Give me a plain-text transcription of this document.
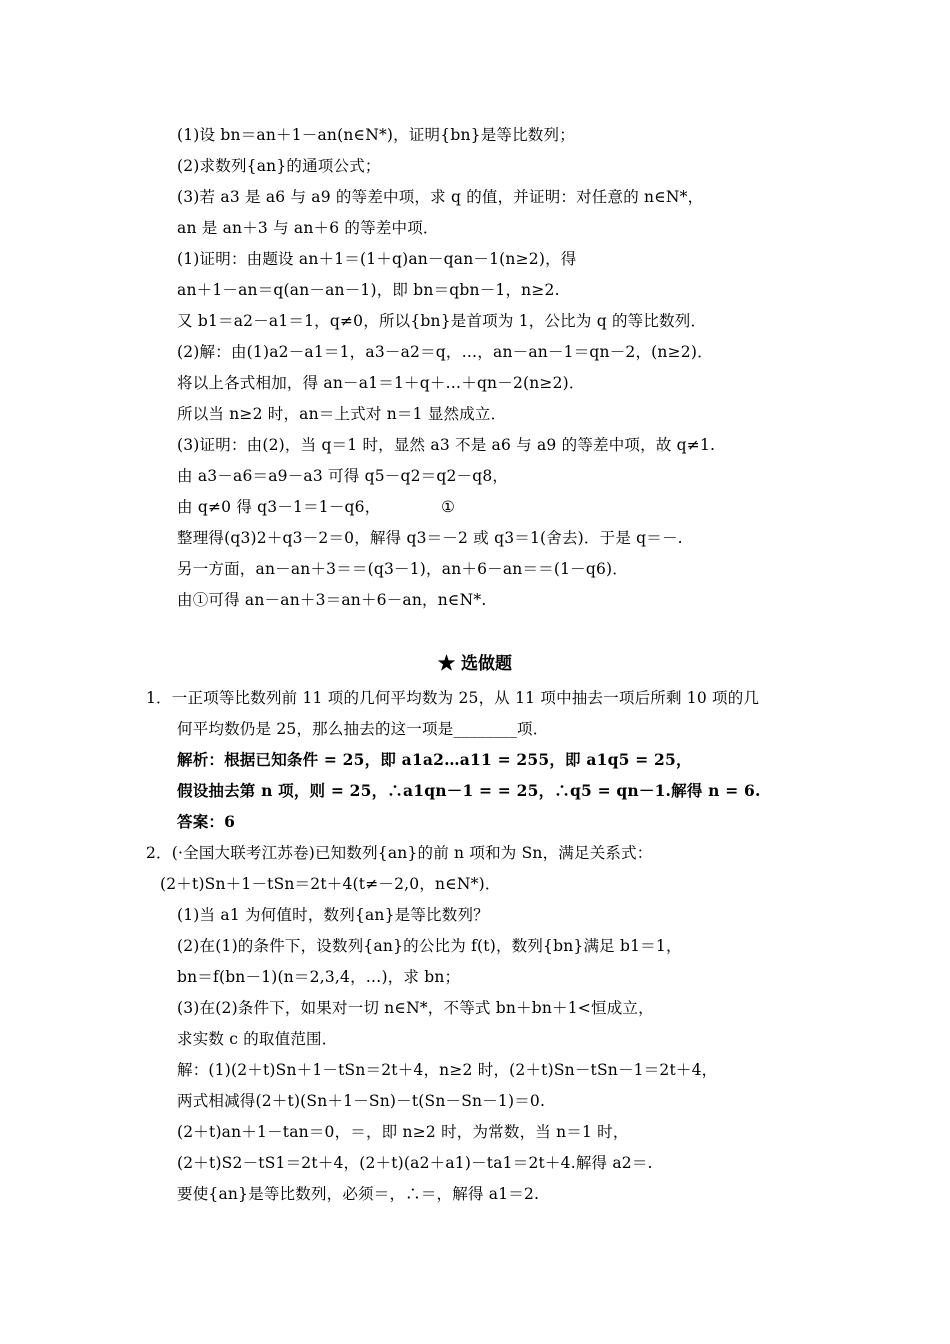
(1)设 bn＝an＋1－an(n∈N*)，证明{bn}是等比数列；
(2)求数列{an}的通项公式；
(3)若 a3 是 a6 与 a9 的等差中项，求 q 的值，并证明：对任意的 n∈N*，
an 是 an＋3 与 an＋6 的等差中项．
(1)证明：由题设 an＋1＝(1＋q)an－qan－1(n≥2)，得
an＋1－an＝q(an－an－1)，即 bn＝qbn－1，n≥2.
又 b1＝a2－a1＝1，q≠0，所以{bn}是首项为 1，公比为 q 的等比数列．
(2)解：由(1)a2－a1＝1，a3－a2＝q，…，an－an－1＝qn－2，(n≥2)．
将以上各式相加，得 an－a1＝1＋q＋…＋qn－2(n≥2)．
所以当 n≥2 时，an＝上式对 n＝1 显然成立．
(3)证明：由(2)，当 q＝1 时，显然 a3 不是 a6 与 a9 的等差中项，故 q≠1.
由 a3－a6＝a9－a3 可得 q5－q2＝q2－q8，
由 q≠0 得 q3－1＝1－q6，	①
整理得(q3)2＋q3－2＝0，解得 q3＝－2 或 q3＝1(舍去)．于是 q＝－.
另一方面，an－an＋3＝＝(q3－1)，an＋6－an＝＝(1－q6)．
由①可得 an－an＋3＝an＋6－an，n∈N*.
★ 选做题
1．一正项等比数列前 11 项的几何平均数为 25，从 11 项中抽去一项后所剩 10 项的几
何平均数仍是 25，那么抽去的这一项是________项．
解析：根据已知条件 = 25，即 a1a2…a11 = 255，即 a1q5 = 25，
假设抽去第 n 项，则 = 25，∴a1qn－1 = = 25，∴q5 = qn－1.解得 n = 6.
答案：6
2．(·全国大联考江苏卷)已知数列{an}的前 n 项和为 Sn，满足关系式：
(2＋t)Sn＋1－tSn＝2t＋4(t≠－2,0，n∈N*)．
(1)当 a1 为何值时，数列{an}是等比数列？
(2)在(1)的条件下，设数列{an}的公比为 f(t)，数列{bn}满足 b1＝1，
bn＝f(bn－1)(n＝2,3,4，…)，求 bn；
(3)在(2)条件下，如果对一切 n∈N*，不等式 bn＋bn＋1<恒成立，
求实数 c 的取值范围．
解：(1)(2＋t)Sn＋1－tSn＝2t＋4，n≥2 时，(2＋t)Sn－tSn－1＝2t＋4，
两式相减得(2＋t)(Sn＋1－Sn)－t(Sn－Sn－1)＝0.
(2＋t)an＋1－tan＝0，＝，即 n≥2 时，为常数，当 n＝1 时，
(2＋t)S2－tS1＝2t＋4，(2＋t)(a2＋a1)－ta1＝2t＋4.解得 a2＝.
要使{an}是等比数列，必须＝，∴＝，解得 a1＝2.
